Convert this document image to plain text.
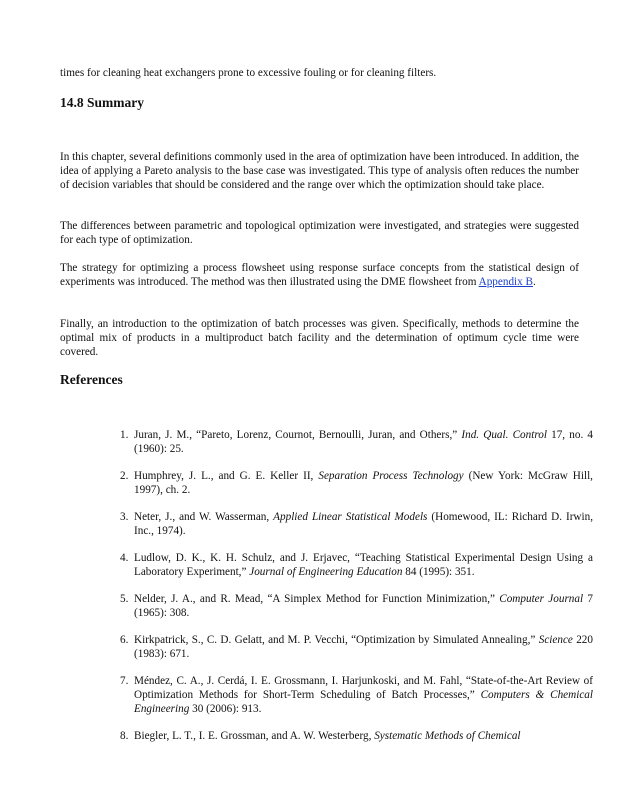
times for cleaning heat exchangers prone to excessive fouling or for cleaning filters.

14.8 Summary

In this chapter, several definitions commonly used in the area of optimization have been introduced. In addition, the idea of applying a Pareto analysis to the base case was investigated. This type of analysis often reduces the number of decision variables that should be considered and the range over which the optimization should take place.

The differences between parametric and topological optimization were investigated, and strategies were suggested for each type of optimization.

The strategy for optimizing a process flowsheet using response surface concepts from the statistical design of experiments was introduced. The method was then illustrated using the DME flowsheet from Appendix B.

Finally, an introduction to the optimization of batch processes was given. Specifically, methods to determine the optimal mix of products in a multiproduct batch facility and the determination of optimum cycle time were covered.

References

1. Juran, J. M., “Pareto, Lorenz, Cournot, Bernoulli, Juran, and Others,” Ind. Qual. Control 17, no. 4 (1960): 25.

2. Humphrey, J. L., and G. E. Keller II, Separation Process Technology (New York: McGraw Hill, 1997), ch. 2.

3. Neter, J., and W. Wasserman, Applied Linear Statistical Models (Homewood, IL: Richard D. Irwin, Inc., 1974).

4. Ludlow, D. K., K. H. Schulz, and J. Erjavec, “Teaching Statistical Experimental Design Using a Laboratory Experiment,” Journal of Engineering Education 84 (1995): 351.

5. Nelder, J. A., and R. Mead, “A Simplex Method for Function Minimization,” Computer Journal 7 (1965): 308.

6. Kirkpatrick, S., C. D. Gelatt, and M. P. Vecchi, “Optimization by Simulated Annealing,” Science 220 (1983): 671.

7. Méndez, C. A., J. Cerdá, I. E. Grossmann, I. Harjunkoski, and M. Fahl, “State-of-the-Art Review of Optimization Methods for Short-Term Scheduling of Batch Processes,” Computers & Chemical Engineering 30 (2006): 913.

8. Biegler, L. T., I. E. Grossman, and A. W. Westerberg, Systematic Methods of Chemical
